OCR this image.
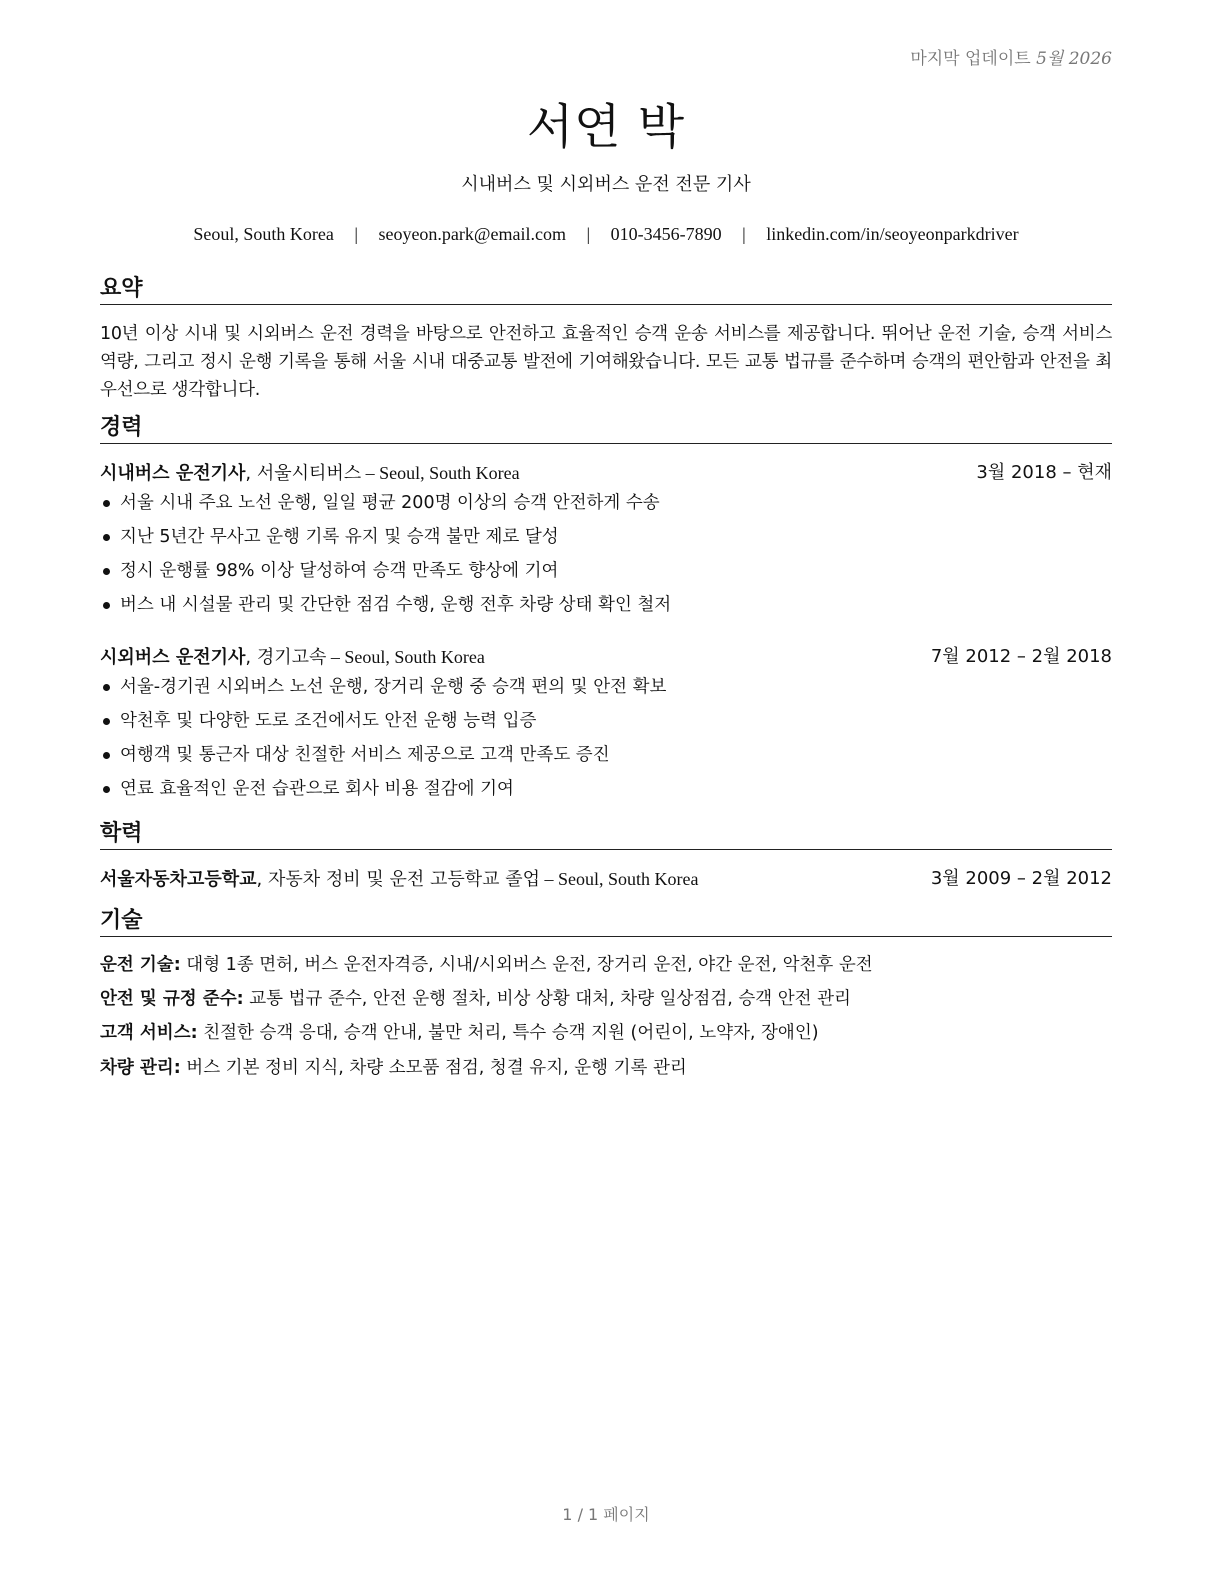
마지막 업데이트 5월 2026
서연 박
시내버스 및 시외버스 운전 전문 기사
Seoul, South Korea | seoyeon.park@email.com | 010-3456-7890 | linkedin.com/in/seoyeonparkdriver
요약
10년 이상 시내 및 시외버스 운전 경력을 바탕으로 안전하고 효율적인 승객 운송 서비스를 제공합니다. 뛰어난 운전 기술, 승객 서비스 역량, 그리고 정시 운행 기록을 통해 서울 시내 대중교통 발전에 기여해왔습니다. 모든 교통 법규를 준수하며 승객의 편안함과 안전을 최우선으로 생각합니다.
경력
시내버스 운전기사, 서울시티버스 – Seoul, South Korea	3월 2018 – 현재
서울 시내 주요 노선 운행, 일일 평균 200명 이상의 승객 안전하게 수송
지난 5년간 무사고 운행 기록 유지 및 승객 불만 제로 달성
정시 운행률 98% 이상 달성하여 승객 만족도 향상에 기여
버스 내 시설물 관리 및 간단한 점검 수행, 운행 전후 차량 상태 확인 철저
시외버스 운전기사, 경기고속 – Seoul, South Korea	7월 2012 – 2월 2018
서울-경기권 시외버스 노선 운행, 장거리 운행 중 승객 편의 및 안전 확보
악천후 및 다양한 도로 조건에서도 안전 운행 능력 입증
여행객 및 통근자 대상 친절한 서비스 제공으로 고객 만족도 증진
연료 효율적인 운전 습관으로 회사 비용 절감에 기여
학력
서울자동차고등학교, 자동차 정비 및 운전 고등학교 졸업 – Seoul, South Korea	3월 2009 – 2월 2012
기술
운전 기술: 대형 1종 면허, 버스 운전자격증, 시내/시외버스 운전, 장거리 운전, 야간 운전, 악천후 운전
안전 및 규정 준수: 교통 법규 준수, 안전 운행 절차, 비상 상황 대처, 차량 일상점검, 승객 안전 관리
고객 서비스: 친절한 승객 응대, 승객 안내, 불만 처리, 특수 승객 지원 (어린이, 노약자, 장애인)
차량 관리: 버스 기본 정비 지식, 차량 소모품 점검, 청결 유지, 운행 기록 관리
1 / 1 페이지
